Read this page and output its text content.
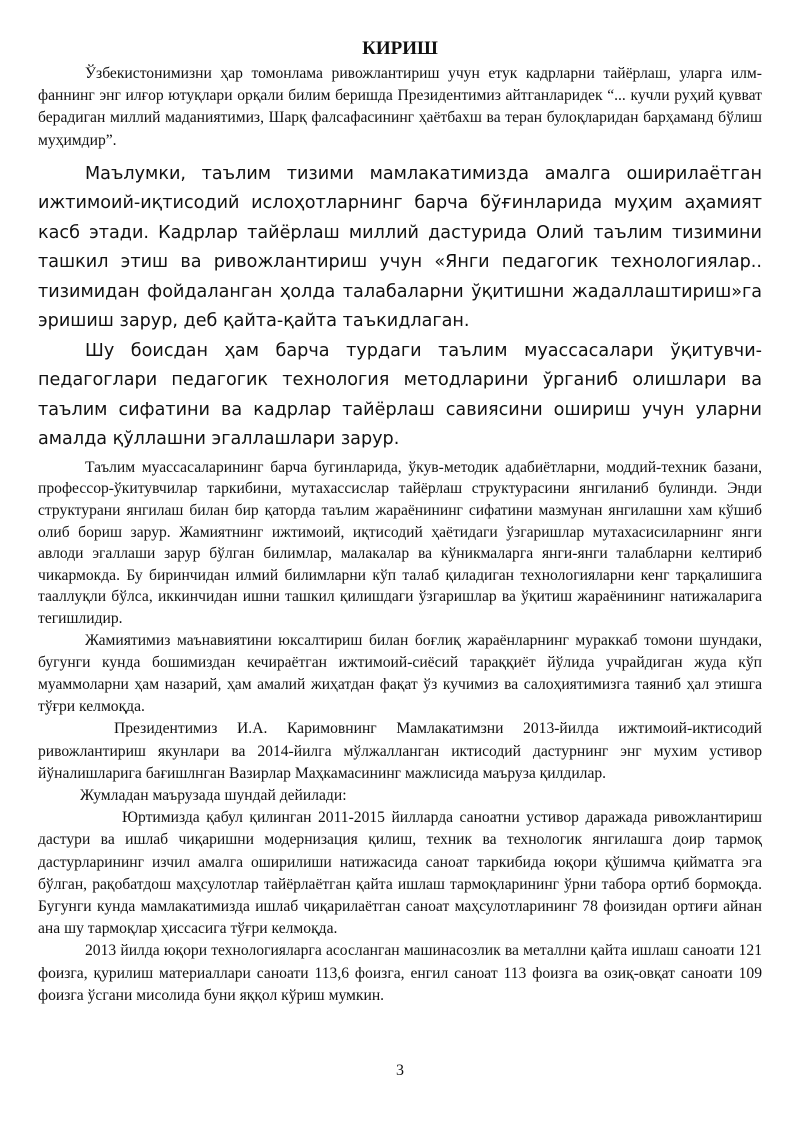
КИРИШ

Ўзбекистонимизни ҳар томонлама ривожлантириш учун етук кадрларни тайёрлаш, уларга илм-фаннинг энг илғор ютуқлари орқали билим беришда Президентимиз айтганларидек “... кучли руҳий қувват берадиган миллий маданиятимиз, Шарқ фалсафасининг ҳаётбахш ва теран булоқларидан барҳаманд бўлиш муҳимдир”.

Маълумки, таълим тизими мамлакатимизда амалга оширилаётган ижтимоий-иқтисодий ислоҳотларнинг барча бўғинларида муҳим аҳамият касб этади. Кадрлар тайёрлаш миллий дастурида Олий таълим тизимини ташкил этиш ва ривожлантириш учун «Янги педагогик технологиялар.. тизимидан фойдаланган ҳолда талабаларни ўқитишни жадаллаштириш»га эришиш зарур, деб қайта-қайта таъкидлаган.

Шу боисдан ҳам барча турдаги таълим муассасалари ўқитувчи-педагоглари педагогик технология методларини ўрганиб олишлари ва таълим сифатини ва кадрлар тайёрлаш савиясини ошириш учун уларни амалда қўллашни эгаллашлари зарур.

Таълим муассасаларининг барча бугинларида, ўкув-методик адабиётларни, моддий-техник базани, профессор-ўкитувчилар таркибини, мутахассислар тайёрлаш структурасини янгиланиб булинди. Энди структурани янгилаш билан бир қаторда таълим жараёнининг сифатини мазмунан янгилашни хам кўшиб олиб бориш зарур. Жамиятнинг ижтимоий, иқтисодий ҳаётидаги ўзгаришлар мутахасисиларнинг янги авлоди эгаллаши зарур бўлган билимлар, малакалар ва кўникмаларга янги-янги талабларни келтириб чикармокда. Бу биринчидан илмий билимларни кўп талаб қиладиган технологияларни кенг тарқалишига тааллуқли бўлса, иккинчидан ишни ташкил қилишдаги ўзгаришлар ва ўқитиш жараёнининг натижаларига тегишлидир.

Жамиятимиз маънавиятини юксалтириш билан боғлиқ жараёнларнинг мураккаб томони шундаки, бугунги кунда бошимиздан кечираётган ижтимоий-сиёсий тараққиёт йўлида учрайдиган жуда кўп муаммоларни ҳам назарий, ҳам амалий жиҳатдан фақат ўз кучимиз ва салоҳиятимизга таяниб ҳал этишга тўғри келмоқда.

Президентимиз И.А. Каримовнинг Мамлакатимзни 2013-йилда ижтимоий-иктисодий ривожлантириш якунлари ва 2014-йилга мўлжалланган иктисодий дастурнинг энг мухим устивор йўналишларига бағишлнган Вазирлар Маҳкамасининг мажлисида маъруза қилдилар.

Жумладан маърузада шундай дейилади:

Юртимизда қабул қилинган 2011-2015 йилларда саноатни устивор даражада ривожлантириш дастури ва ишлаб чиқаришни модернизация қилиш, техник ва технологик янгилашга доир тармоқ дастурларининг изчил амалга оширилиши натижасида саноат таркибида юқори қўшимча қийматга эга бўлган, рақобатдош маҳсулотлар тайёрлаётган қайта ишлаш тармоқларининг ўрни табора ортиб бормоқда. Бугунги кунда мамлакатимизда ишлаб чиқарилаётган саноат маҳсулотларининг 78 фоизидан ортиғи айнан ана шу тармоқлар ҳиссасига тўғри келмоқда.

2013 йилда юқори технологияларга асосланган машинасозлик ва металлни қайта ишлаш саноати 121 фоизга, қурилиш материаллари саноати 113,6 фоизга, енгил саноат 113 фоизга ва озиқ-овқат саноати 109 фоизга ўсгани мисолида буни яққол кўриш мумкин.

3
